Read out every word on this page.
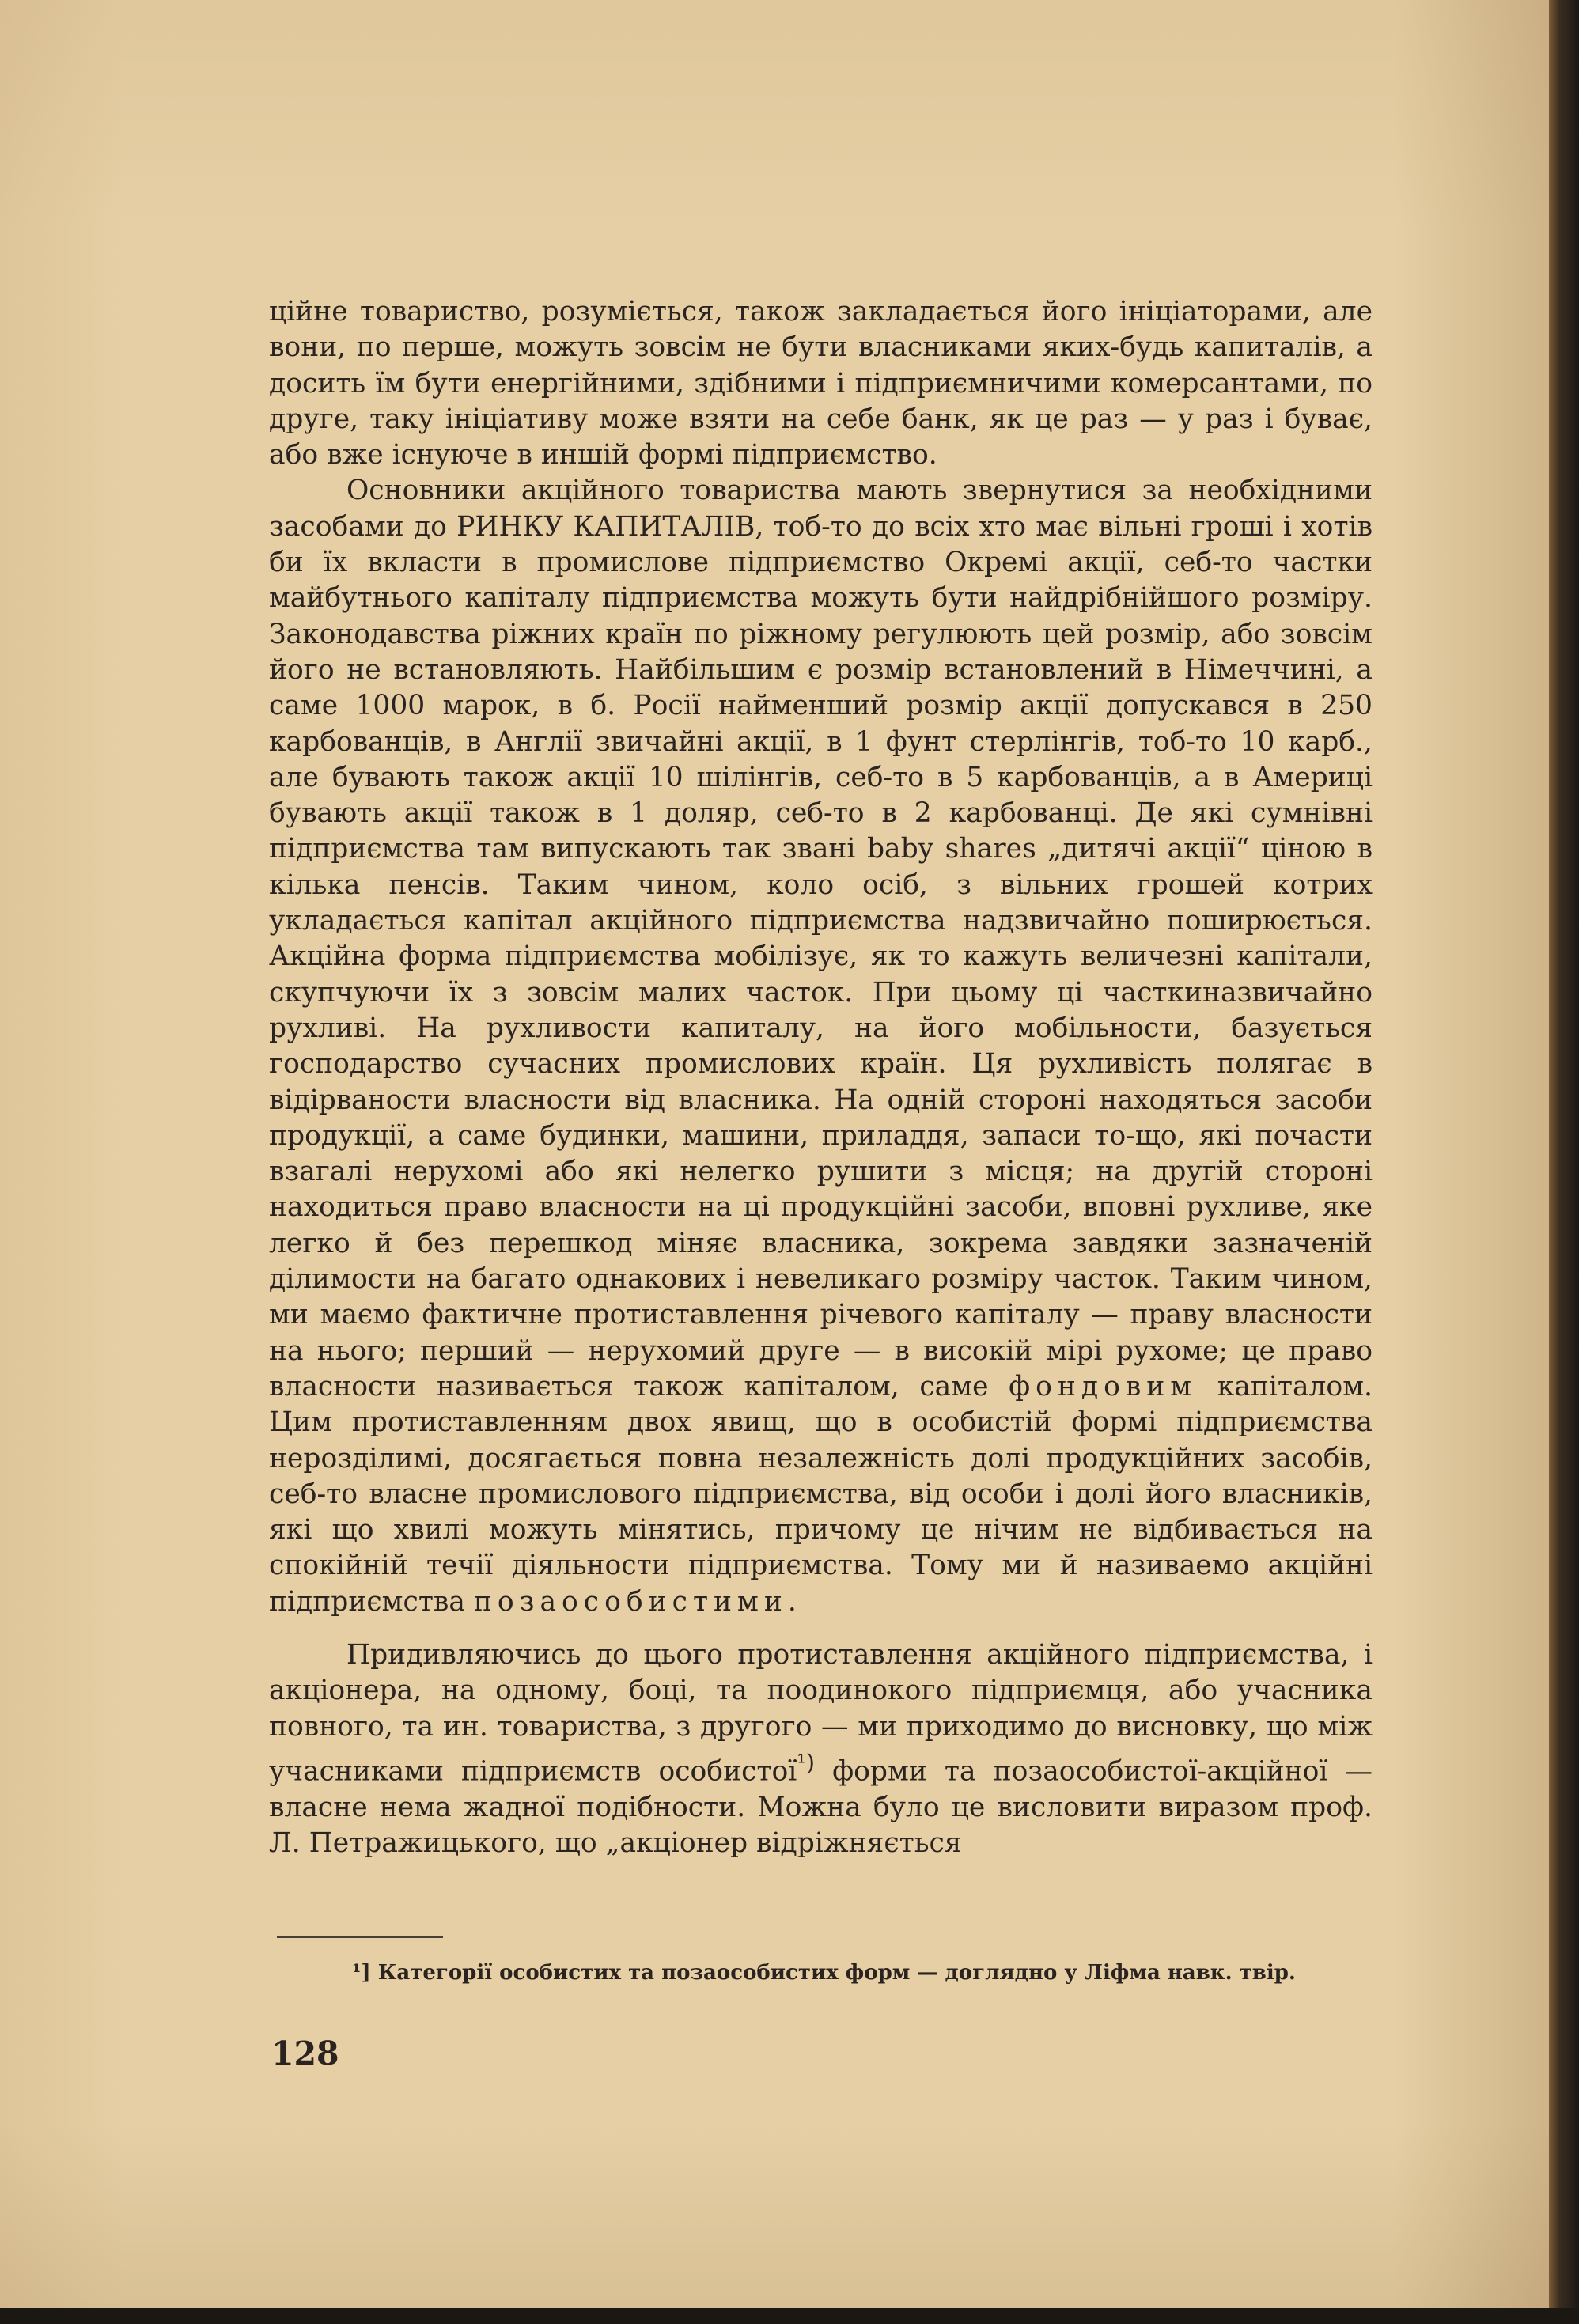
ційне товариство, розуміється, також закладається його ініціаторами, але вони, по перше, можуть зовсім не бути власниками яких-будь капиталів, а досить їм бути енергійними, здібними і підприємничими комерсантами, по друге, таку ініціативу може взяти на себе банк, як це раз — у раз і буває, або вже існуюче в иншій формі підприємство.

Основники акційного товариства мають звернутися за необхідними засобами до РИНКУ КАПИТАЛІВ, тоб-то до всіх хто має вільні гроші і хотів би їх вкласти в промислове підприємство Окремі акції, себ-то частки майбутнього капіталу підприємства можуть бути найдрібнійшого розміру. Законодавства ріжних країн по ріжному регулюють цей розмір, або зовсім його не встановляють. Найбільшим є розмір встановлений в Німеччині, а саме 1000 марок, в б. Росії найменший розмір акції допускався в 250 карбованців, в Англії звичайні акції, в 1 фунт стерлінгів, тоб-то 10 карб., але бувають також акції 10 шілінгів, себ-то в 5 карбованців, а в Америці бувають акції також в 1 доляр, себ-то в 2 карбованці. Де які сумнівні підприємства там випускають так звані baby shares „дитячі акції“ ціною в кілька пенсів. Таким чином, коло осіб, з вільних грошей котрих укладається капітал акційного підприємства надзвичайно поширюється. Акційна форма підприємства мобілізує, як то кажуть величезні капітали, скупчуючи їх з зовсім малих часток. При цьому ці часткиназвичайно рухливі. На рухливости капиталу, на його мобільности, базується господарство сучасних промислових країн. Ця рухливість полягає в відірваности власности від власника. На одній стороні находяться засоби продукції, а саме будинки, машини, приладдя, запаси то-що, які почасти взагалі нерухомі або які нелегко рушити з місця; на другій стороні находиться право власности на ці продукційні засоби, вповні рухливе, яке легко й без перешкод міняє власника, зокрема завдяки зазначеній ділимости на багато однакових і невеликаго розміру часток. Таким чином, ми маємо фактичне протиставлення річевого капіталу — праву власности на нього; перший — нерухомий друге — в високій мірі рухоме; це право власности називається також капіталом, саме фондовим капіталом. Цим протиставленням двох явищ, що в особистій формі підприємства нерозділимі, досягається повна незалежність долі продукційних засобів, себ-то власне промислового підприємства, від особи і долі його власників, які що хвилі можуть мінятись, причому це нічим не відбивається на спокійній течії діяльности підприємства. Тому ми й називаемо акційні підприємства позаособистими.

Придивляючись до цього протиставлення акційного підприємства, і акціонера, на одному, боці, та поодинокого підприємця, або учасника повного, та ин. товариства, з другого — ми приходимо до висновку, що між учасниками підприємств особистої$^{^1)}$ форми та позаособистої-акційної — власне нема жадної подібности. Можна було це висловити виразом проф. Л. Петражицького, що „акціонер відріжняється

¹] Категорії особистих та позаособистих форм — доглядно у Ліфма навк. твір.
128
